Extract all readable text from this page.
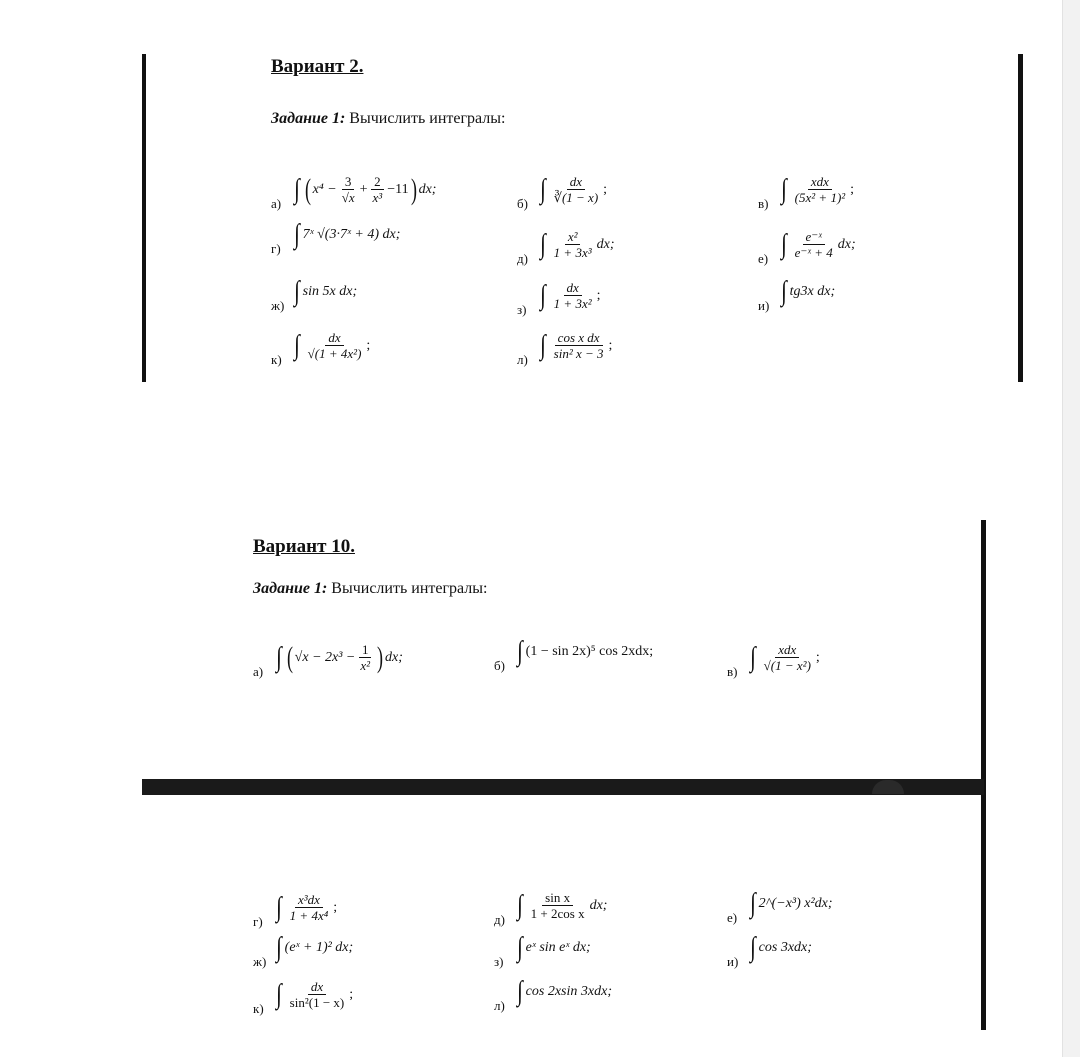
Вариант 2.
Задание 1: Вычислить интегралы:
а) ∫ ( $x^4 - \frac{3}{√x} + \frac{2}{\text{x³}} -11$ ) dx;
б) ∫ $\frac{dx}{∛(1 - x)}$ ;
в) ∫ $\frac{\text{xdx}}{\text{(5x² + 1)²}}$ ;
г) ∫ 7ˣ √(3·7ˣ + 4) dx;
д) ∫ $\frac{\text{x²}}{\text{1 + 3x³}}$ dx;
е) ∫ $\frac{\text{e⁻ˣ}}{\text{e⁻ˣ + 4}}$ dx;
ж) ∫ sin 5x dx;
з) ∫ $\frac{dx}{\text{1 + 3x²}}$ ;
и) ∫ tg3x dx;
к) ∫ $\frac{dx}{\text{√(1 + 4x²)}}$ ;
л) ∫ $\frac{\text{cos x dx}}{\text{sin² x − 3}}$ ;
Вариант 10.
Задание 1: Вычислить интегралы:
а) ∫ ( $√x - 2x^3 - \frac{1}{\text{x²}}$ ) dx;
б) ∫ (1 − sin 2x)⁵ cos 2xdx;
в) ∫ $\frac{\text{xdx}}{\text{√(1 − x²)}}$ ;
г) ∫ $\frac{\text{x³dx}}{\text{1 + 4x⁴}}$ ;
д) ∫ $\frac{\text{sin x}}{\text{1 + 2cos x}}$ dx;
е) ∫ 2^(−x³) x²dx;
ж) ∫ (eˣ + 1)² dx;
з) ∫ eˣ sin eˣ dx;
и) ∫ cos 3xdx;
к) ∫ $\frac{dx}{\text{sin²(1 − x)}}$ ;
л) ∫ cos 2xsin 3xdx;
